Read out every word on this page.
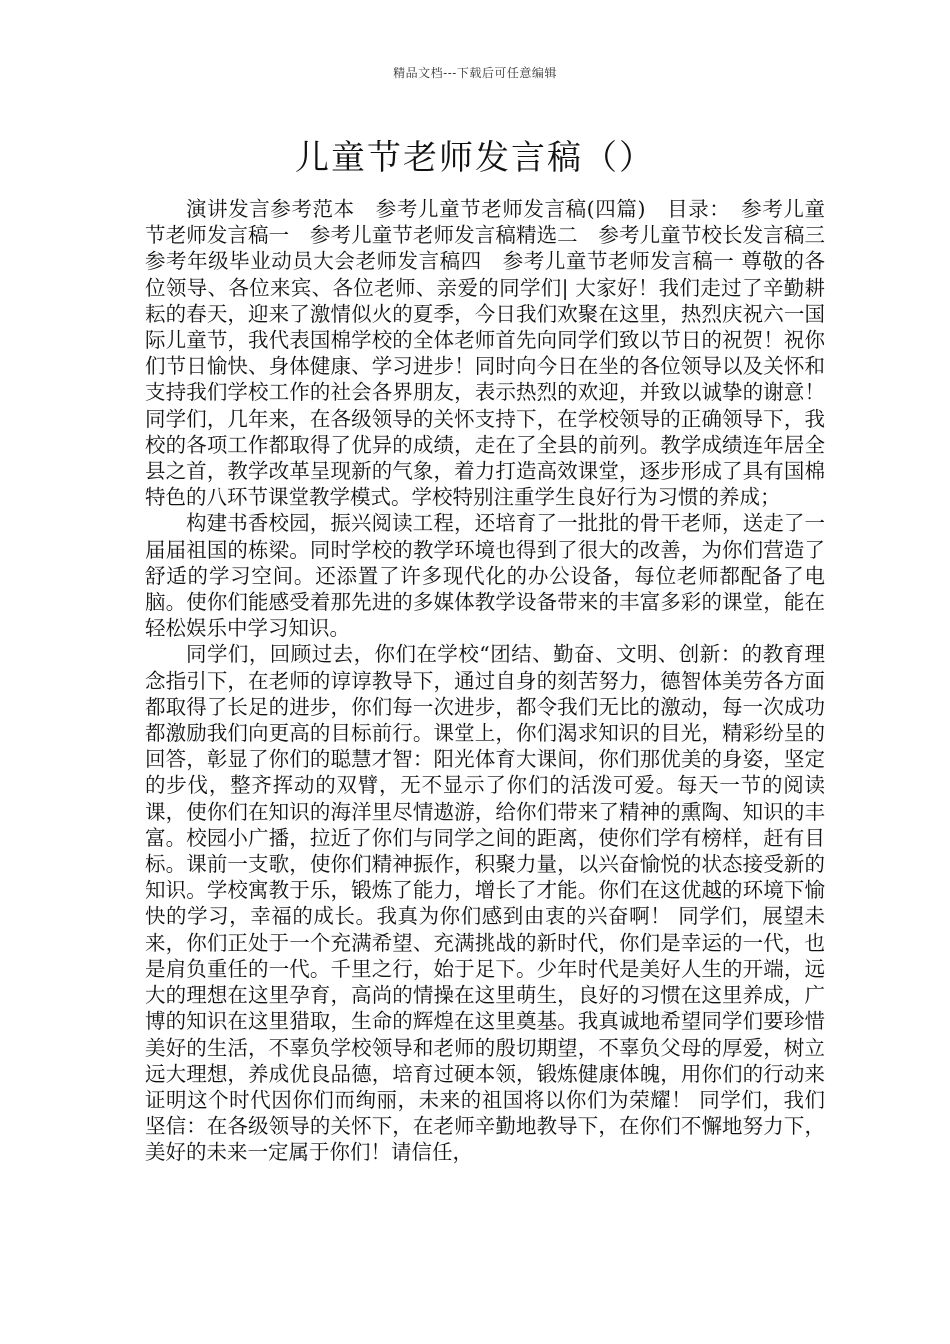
精品文档---下载后可任意编辑
儿童节老师发言稿（）

演讲发言参考范本　参考儿童节老师发言稿(四篇)　目录：　参考儿童节老师发言稿一　参考儿童节老师发言稿精选二　参考儿童节校长发言稿三　参考年级毕业动员大会老师发言稿四　参考儿童节老师发言稿一 尊敬的各位领导、各位来宾、各位老师、亲爱的同学们| 大家好！我们走过了辛勤耕耘的春天，迎来了激情似火的夏季，今日我们欢聚在这里，热烈庆祝六一国际儿童节，我代表国棉学校的全体老师首先向同学们致以节日的祝贺！祝你们节日愉快、身体健康、学习进步！同时向今日在坐的各位领导以及关怀和支持我们学校工作的社会各界朋友，表示热烈的欢迎，并致以诚挚的谢意！ 同学们，几年来，在各级领导的关怀支持下，在学校领导的正确领导下，我校的各项工作都取得了优异的成绩，走在了全县的前列。教学成绩连年居全县之首，教学改革呈现新的气象，着力打造高效课堂，逐步形成了具有国棉特色的八环节课堂教学模式。学校特别注重学生良好行为习惯的养成；

构建书香校园，振兴阅读工程，还培育了一批批的骨干老师，送走了一届届祖国的栋梁。同时学校的教学环境也得到了很大的改善，为你们营造了舒适的学习空间。还添置了许多现代化的办公设备，每位老师都配备了电脑。使你们能感受着那先进的多媒体教学设备带来的丰富多彩的课堂，能在轻松娱乐中学习知识。

同学们，回顾过去，你们在学校“团结、勤奋、文明、创新：的教育理念指引下，在老师的谆谆教导下，通过自身的刻苦努力，德智体美劳各方面都取得了长足的进步，你们每一次进步，都令我们无比的激动，每一次成功都激励我们向更高的目标前行。课堂上，你们渴求知识的目光，精彩纷呈的回答，彰显了你们的聪慧才智：阳光体育大课间，你们那优美的身姿，坚定的步伐，整齐挥动的双臂，无不显示了你们的活泼可爱。每天一节的阅读课，使你们在知识的海洋里尽情遨游，给你们带来了精神的熏陶、知识的丰富。校园小广播，拉近了你们与同学之间的距离，使你们学有榜样，赶有目标。课前一支歌，使你们精神振作，积聚力量，以兴奋愉悦的状态接受新的知识。学校寓教于乐，锻炼了能力，增长了才能。你们在这优越的环境下愉快的学习，幸福的成长。我真为你们感到由衷的兴奋啊！ 同学们，展望未来，你们正处于一个充满希望、充满挑战的新时代，你们是幸运的一代，也是肩负重任的一代。千里之行，始于足下。少年时代是美好人生的开端，远大的理想在这里孕育，高尚的情操在这里萌生，良好的习惯在这里养成，广博的知识在这里猎取，生命的辉煌在这里奠基。我真诚地希望同学们要珍惜美好的生活，不辜负学校领导和老师的殷切期望，不辜负父母的厚爱，树立远大理想，养成优良品德，培育过硬本领，锻炼健康体魄，用你们的行动来证明这个时代因你们而绚丽，未来的祖国将以你们为荣耀！ 同学们，我们坚信：在各级领导的关怀下，在老师辛勤地教导下，在你们不懈地努力下，美好的未来一定属于你们！请信任，
